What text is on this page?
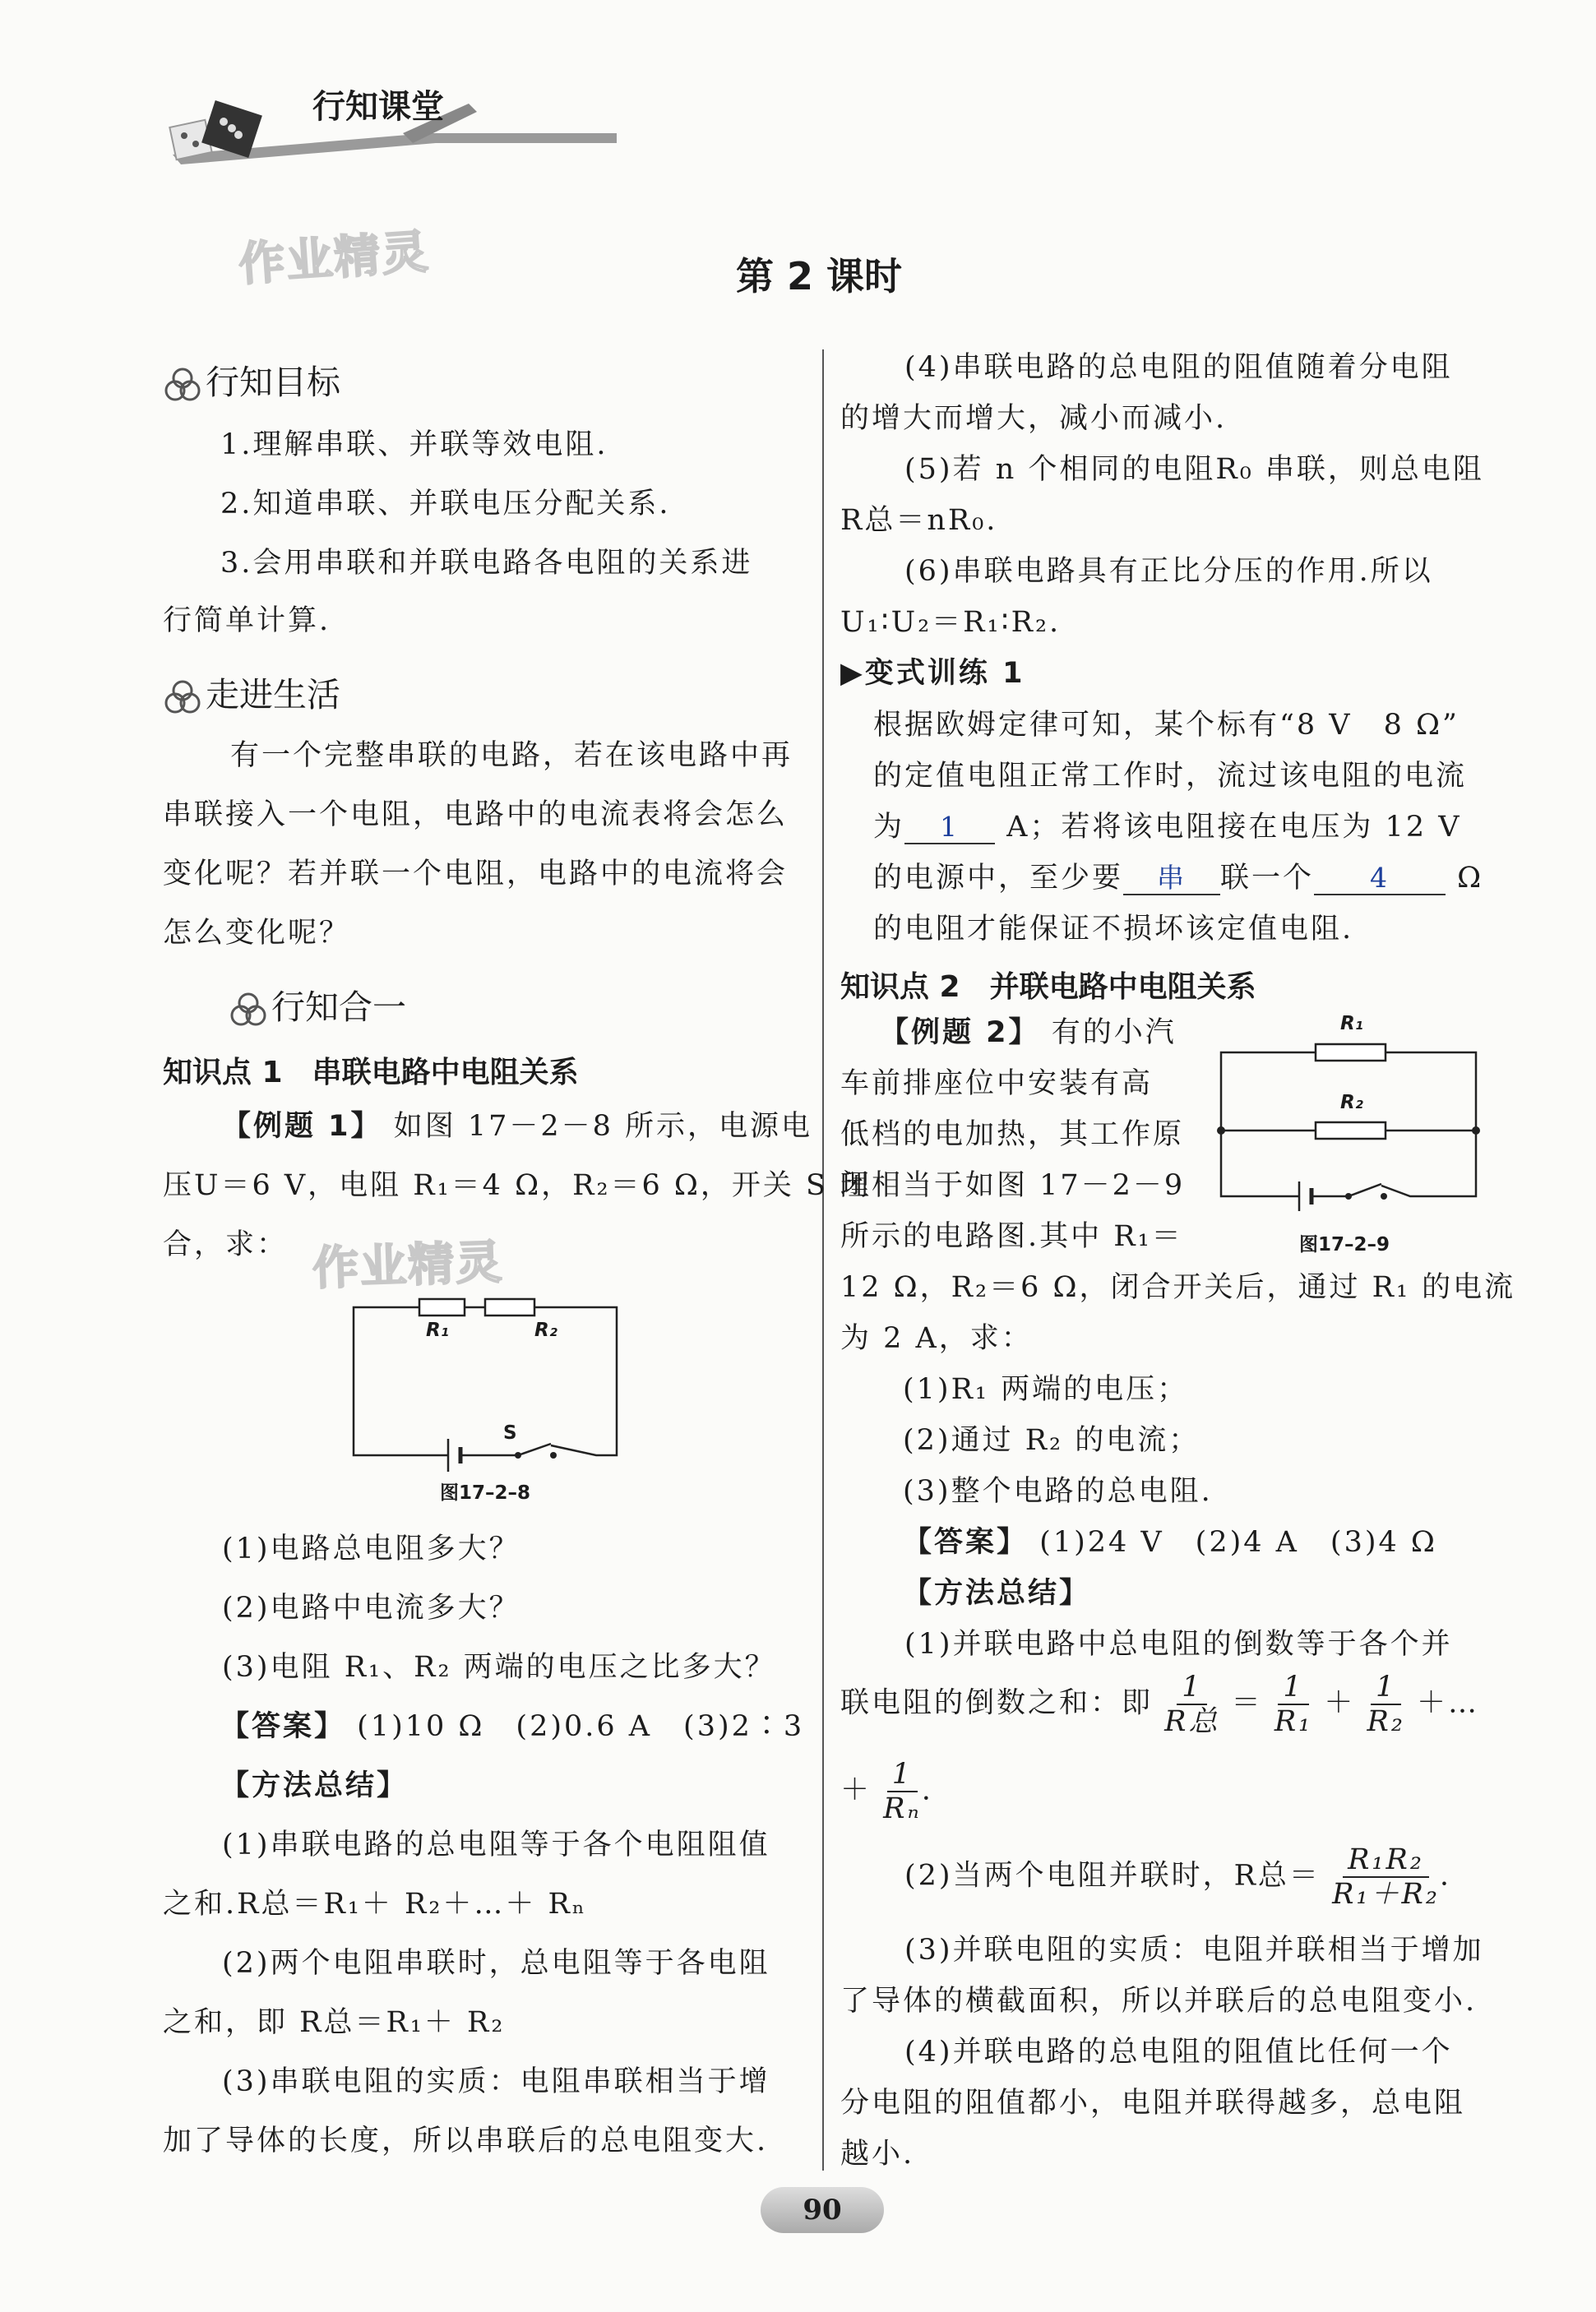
行知课堂
作业精灵	第 2 课时
行知目标
1.理解串联、并联等效电阻.
2.知道串联、并联电压分配关系.
3.会用串联和并联电路各电阻的关系进
行简单计算.
走进生活
有一个完整串联的电路，若在该电路中再
串联接入一个电阻，电路中的电流表将会怎么
变化呢？若并联一个电阻，电路中的电流将会
怎么变化呢？
行知合一
知识点 1　串联电路中电阻关系
【例题 1】 如图 17－2－8 所示，电源电
压U＝6 V，电阻 R₁＝4 Ω，R₂＝6 Ω，开关 S 闭
合，求： 作业精灵
R₁	R₂
S
图17–2–8
(1)电路总电阻多大？
(2)电路中电流多大？
(3)电阻 R₁、R₂ 两端的电压之比多大？
【答案】 (1)10 Ω　(2)0.6 A　(3)2∶3
【方法总结】
(1)串联电路的总电阻等于各个电阻阻值
之和.R总＝R₁＋ R₂＋…＋ Rₙ
(2)两个电阻串联时，总电阻等于各电阻
之和，即 R总＝R₁＋ R₂
(3)串联电阻的实质：电阻串联相当于增
加了导体的长度，所以串联后的总电阻变大.
(4)串联电路的总电阻的阻值随着分电阻
的增大而增大，减小而减小.
(5)若 n 个相同的电阻R₀ 串联，则总电阻
R总＝nR₀.
(6)串联电路具有正比分压的作用.所以
U₁∶U₂＝R₁∶R₂.
▶变式训练 1
根据欧姆定律可知，某个标有“8 V　8 Ω”
的定值电阻正常工作时，流过该电阻的电流
为 1 A；若将该电阻接在电压为 12 V
的电源中，至少要 串 联一个 4 Ω
的电阻才能保证不损坏该定值电阻.
知识点 2　并联电路中电阻关系
【例题 2】 有的小汽
车前排座位中安装有高
低档的电加热，其工作原
理相当于如图 17－2－9
所示的电路图.其中 R₁＝
12 Ω，R₂＝6 Ω，闭合开关后，通过 R₁ 的电流
为 2 A，求：
R₁
R₂
图17–2–9
(1)R₁ 两端的电压；
(2)通过 R₂ 的电流；
(3)整个电路的总电阻.
【答案】 (1)24 V　(2)4 A　(3)4 Ω
【方法总结】
(1)并联电路中总电阻的倒数等于各个并
联电阻的倒数之和：即 $\frac{1}{\text{R总}} = \frac{1}{\text{R₁}} + \frac{1}{\text{R₂}}$ ＋…
＋ $\frac{1}{\text{Rₙ}}$ .
(2)当两个电阻并联时，R总＝ $\frac{\text{R₁R₂}}{\text{R₁＋R₂}}$ .
(3)并联电阻的实质：电阻并联相当于增加
了导体的横截面积，所以并联后的总电阻变小.
(4)并联电路的总电阻的阻值比任何一个
分电阻的阻值都小，电阻并联得越多，总电阻
越小.
90
